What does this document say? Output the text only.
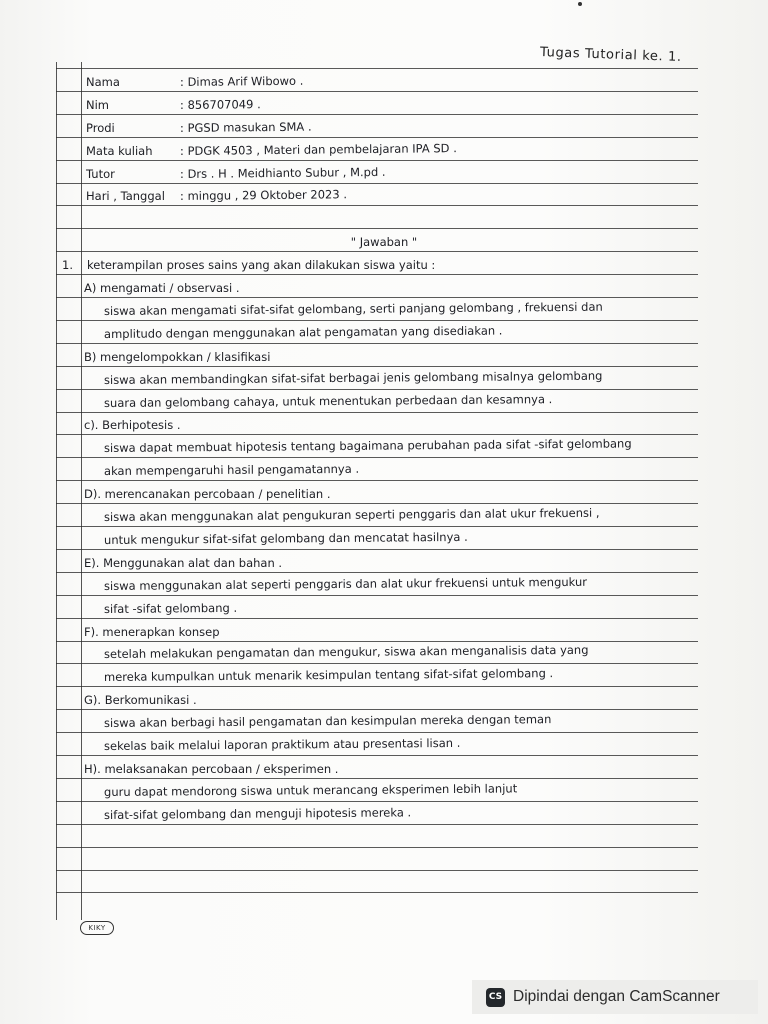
Tugas Tutorial ke. 1.
Nama	: Dimas Arif Wibowo .
Nim	: 856707049 .
Prodi	: PGSD masukan SMA .
Mata kuliah : PDGK 4503 , Materi dan pembelajaran IPA SD .
Tutor	: Drs . H . Meidhianto Subur , M.pd .
Hari , Tanggal : minggu , 29 Oktober 2023 .
" Jawaban "
1. keterampilan proses sains yang akan dilakukan siswa yaitu :
A) mengamati / observasi .
siswa akan mengamati sifat-sifat gelombang, serti panjang gelombang , frekuensi dan
amplitudo dengan menggunakan alat pengamatan yang disediakan .
B) mengelompokkan / klasifikasi
siswa akan membandingkan sifat-sifat berbagai jenis gelombang misalnya gelombang
suara dan gelombang cahaya, untuk menentukan perbedaan dan kesamnya .
c). Berhipotesis .
siswa dapat membuat hipotesis tentang bagaimana perubahan pada sifat -sifat gelombang
akan mempengaruhi hasil pengamatannya .
D). merencanakan percobaan / penelitian .
siswa akan menggunakan alat pengukuran seperti penggaris dan alat ukur frekuensi ,
untuk mengukur sifat-sifat gelombang dan mencatat hasilnya .
E). Menggunakan alat dan bahan .
siswa menggunakan alat seperti penggaris dan alat ukur frekuensi untuk mengukur
sifat -sifat gelombang .
F). menerapkan konsep
setelah melakukan pengamatan dan mengukur, siswa akan menganalisis data yang
mereka kumpulkan untuk menarik kesimpulan tentang sifat-sifat gelombang .
G). Berkomunikasi .
siswa akan berbagi hasil pengamatan dan kesimpulan mereka dengan teman
sekelas baik melalui laporan praktikum atau presentasi lisan .
H). melaksanakan percobaan / eksperimen .
guru dapat mendorong siswa untuk merancang eksperimen lebih lanjut
sifat-sifat gelombang dan menguji hipotesis mereka .
KIKY
CS Dipindai dengan CamScanner
